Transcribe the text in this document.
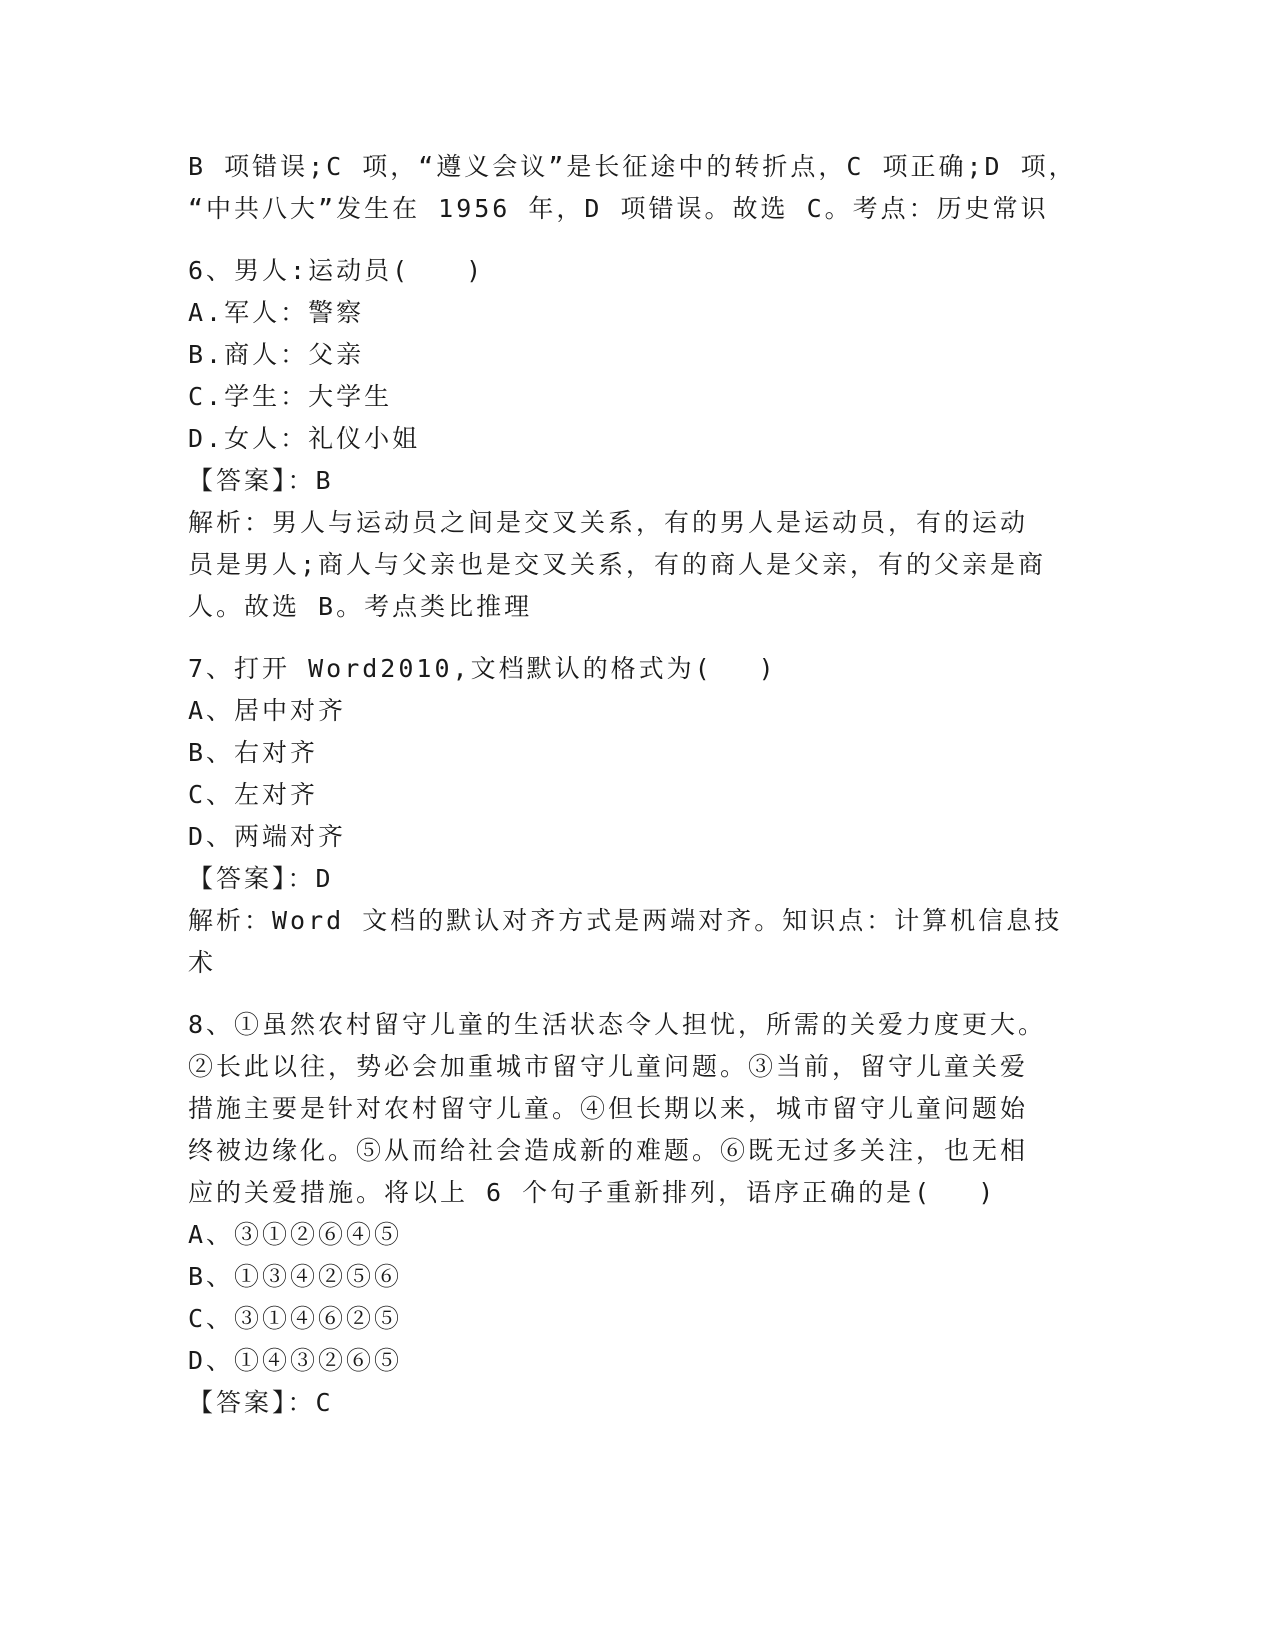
B 项错误;C 项，“遵义会议”是长征途中的转折点，C 项正确;D 项，
“中共八大”发生在 1956 年，D 项错误。故选 C。考点：历史常识
6、男人:运动员(　　)
A.军人：警察
B.商人：父亲
C.学生：大学生
D.女人：礼仪小姐
【答案】：B
解析：男人与运动员之间是交叉关系，有的男人是运动员，有的运动
员是男人;商人与父亲也是交叉关系，有的商人是父亲，有的父亲是商
人。故选 B。考点类比推理
7、打开 Word2010,文档默认的格式为(　 )
A、居中对齐
B、右对齐
C、左对齐
D、两端对齐
【答案】：D
解析：Word 文档的默认对齐方式是两端对齐。知识点：计算机信息技
术
8、①虽然农村留守儿童的生活状态令人担忧，所需的关爱力度更大。
②长此以往，势必会加重城市留守儿童问题。③当前，留守儿童关爱
措施主要是针对农村留守儿童。④但长期以来，城市留守儿童问题始
终被边缘化。⑤从而给社会造成新的难题。⑥既无过多关注，也无相
应的关爱措施。将以上 6 个句子重新排列，语序正确的是(　 )
A、③①②⑥④⑤
B、①③④②⑤⑥
C、③①④⑥②⑤
D、①④③②⑥⑤
【答案】：C
